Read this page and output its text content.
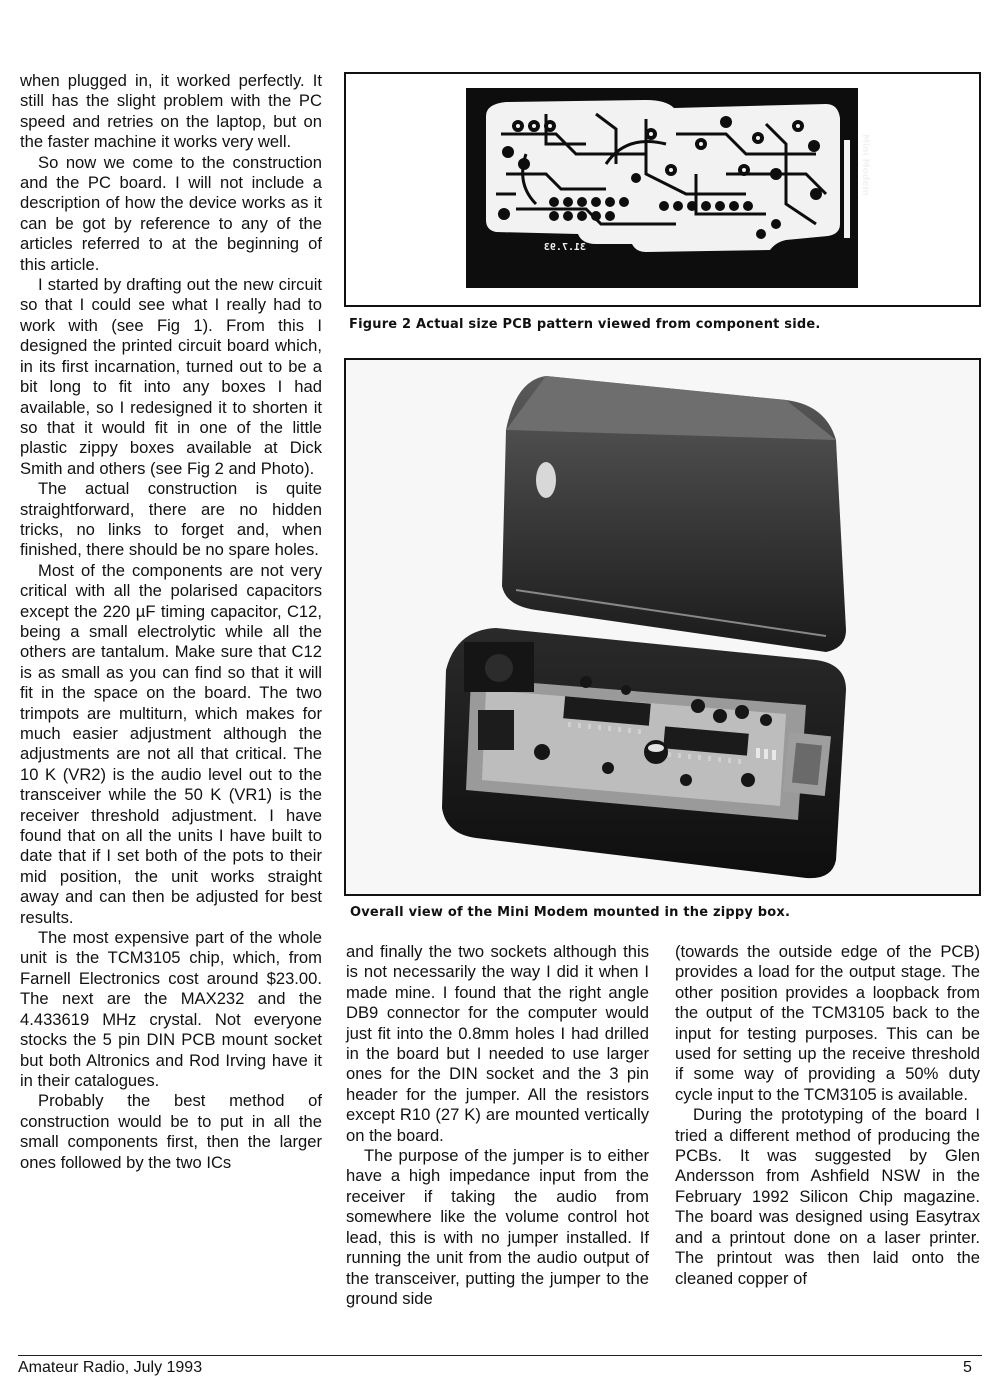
when plugged in, it worked perfectly. It still has the slight problem with the PC speed and retries on the laptop, but on the faster machine it works very well.

So now we come to the construction and the PC board. I will not include a description of how the device works as it can be got by reference to any of the articles referred to at the beginning of this article.

I started by drafting out the new circuit so that I could see what I really had to work with (see Fig 1). From this I designed the printed circuit board which, in its first incarnation, turned out to be a bit long to fit into any boxes I had available, so I redesigned it to shorten it so that it would fit in one of the little plastic zippy boxes available at Dick Smith and others (see Fig 2 and Photo).

The actual construction is quite straightforward, there are no hidden tricks, no links to forget and, when finished, there should be no spare holes.

Most of the components are not very critical with all the polarised capacitors except the 220 µF timing capacitor, C12, being a small electrolytic while all the others are tantalum. Make sure that C12 is as small as you can find so that it will fit in the space on the board. The two trimpots are multiturn, which makes for much easier adjustment although the adjustments are not all that critical. The 10 K (VR2) is the audio level out to the transceiver while the 50 K (VR1) is the receiver threshold adjustment. I have found that on all the units I have built to date that if I set both of the pots to their mid position, the unit works straight away and can then be adjusted for best results.

The most expensive part of the whole unit is the TCM3105 chip, which, from Farnell Electronics cost around $23.00. The next are the MAX232 and the 4.433619 MHz crystal. Not everyone stocks the 5 pin DIN PCB mount socket but both Altronics and Rod Irving have it in their catalogues.

Probably the best method of construction would be to put in all the small components first, then the larger ones followed by the two ICs

31.7.93	VK6XIR
Mini Modem
Figure 2 Actual size PCB pattern viewed from component side.
Overall view of the Mini Modem mounted in the zippy box.

and finally the two sockets although this is not necessarily the way I did it when I made mine. I found that the right angle DB9 connector for the computer would just fit into the 0.8mm holes I had drilled in the board but I needed to use larger ones for the DIN socket and the 3 pin header for the jumper. All the resistors except R10 (27 K) are mounted vertically on the board.

The purpose of the jumper is to either have a high impedance input from the receiver if taking the audio from somewhere like the volume control hot lead, this is with no jumper installed. If running the unit from the audio output of the transceiver, putting the jumper to the ground side

(towards the outside edge of the PCB) provides a load for the output stage. The other position provides a loopback from the output of the TCM3105 back to the input for testing purposes. This can be used for setting up the receive threshold if some way of providing a 50% duty cycle input to the TCM3105 is available.

During the prototyping of the board I tried a different method of producing the PCBs. It was suggested by Glen Andersson from Ashfield NSW in the February 1992 Silicon Chip magazine. The board was designed using Easytrax and a printout done on a laser printer. The printout was then laid onto the cleaned copper of

Amateur Radio, July 1993	5
